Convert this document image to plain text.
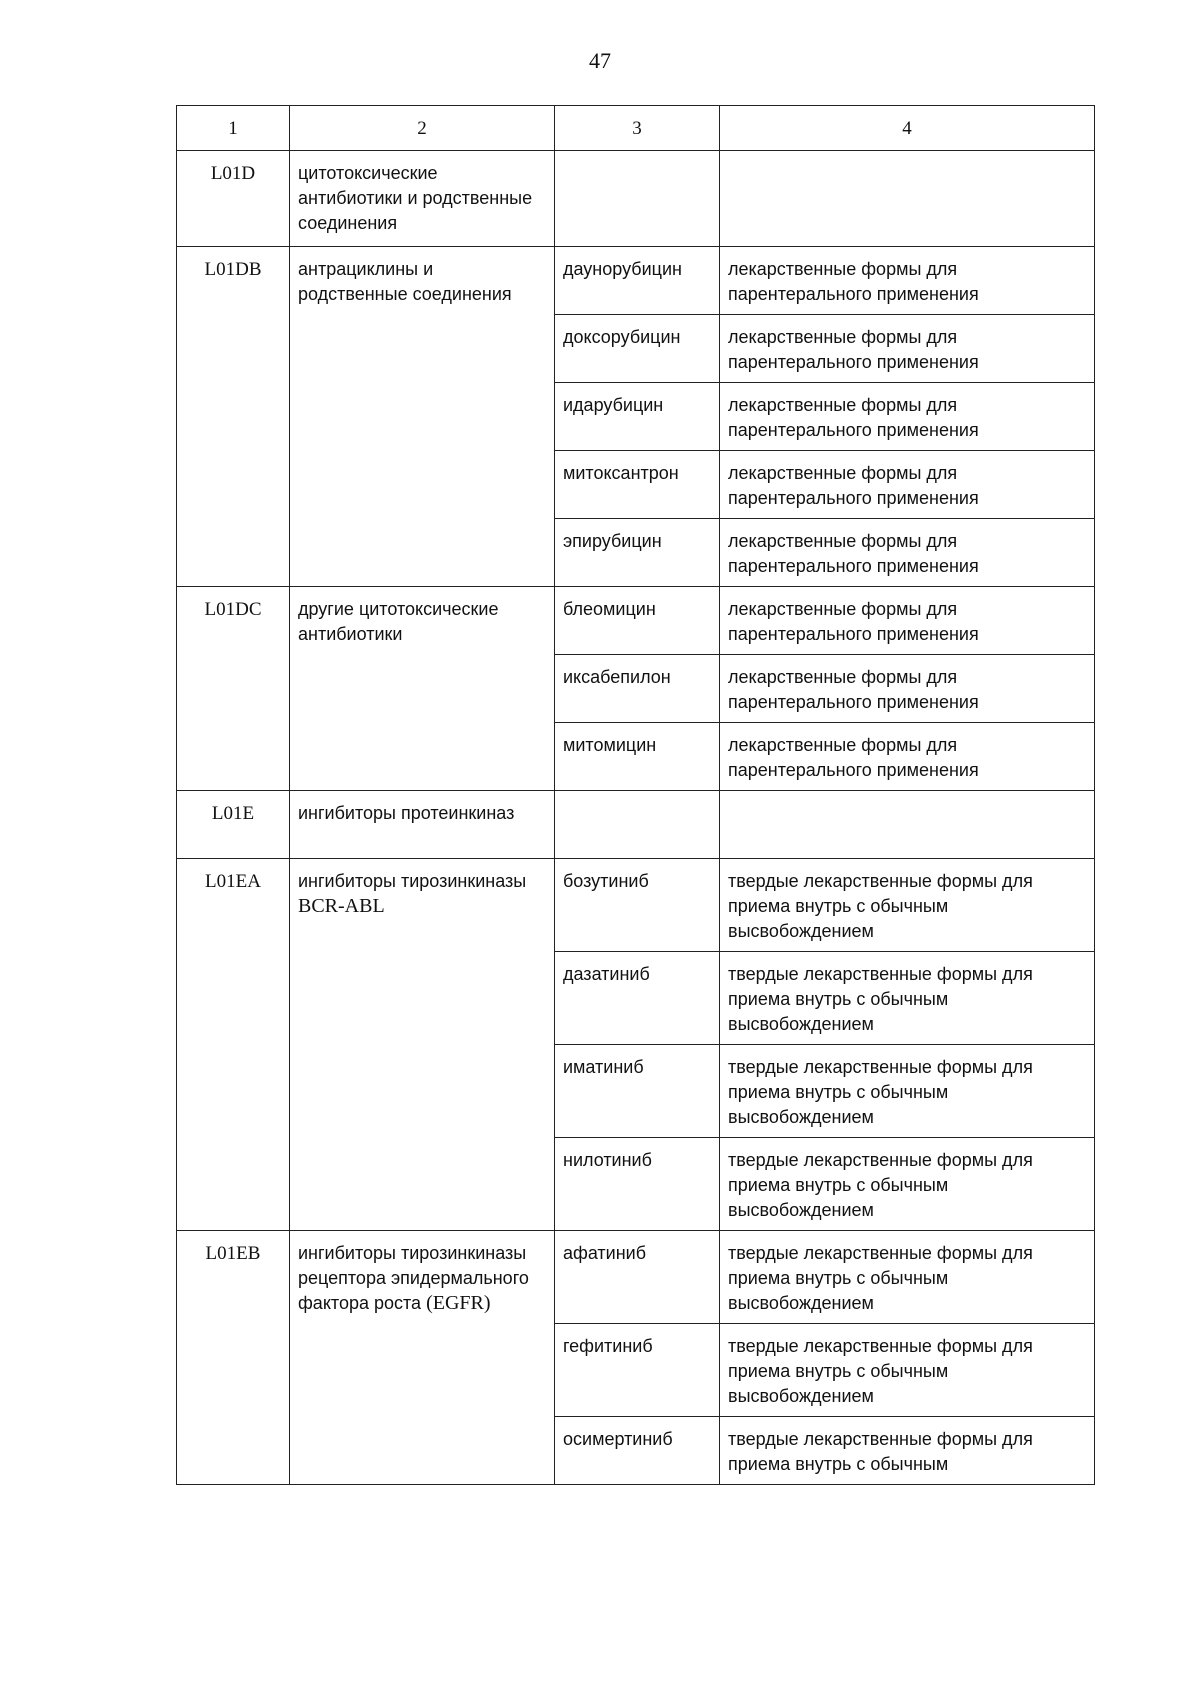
47
1	2	3	4
L01D	цитотоксические антибиотики и родственные соединения		
L01DB	антрациклины и родственные соединения	даунорубицин	лекарственные формы для парентерального применения
		доксорубицин	лекарственные формы для парентерального применения
		идарубицин	лекарственные формы для парентерального применения
		митоксантрон	лекарственные формы для парентерального применения
		эпирубицин	лекарственные формы для парентерального применения
L01DC	другие цитотоксические антибиотики	блеомицин	лекарственные формы для парентерального применения
		иксабепилон	лекарственные формы для парентерального применения
		митомицин	лекарственные формы для парентерального применения
L01E	ингибиторы протеинкиназ		
L01EA	ингибиторы тирозинкиназы BCR-ABL	бозутиниб	твердые лекарственные формы для приема внутрь с обычным высвобождением
		дазатиниб	твердые лекарственные формы для приема внутрь с обычным высвобождением
		иматиниб	твердые лекарственные формы для приема внутрь с обычным высвобождением
		нилотиниб	твердые лекарственные формы для приема внутрь с обычным высвобождением
L01EB	ингибиторы тирозинкиназы рецептора эпидермального фактора роста (EGFR)	афатиниб	твердые лекарственные формы для приема внутрь с обычным высвобождением
		гефитиниб	твердые лекарственные формы для приема внутрь с обычным высвобождением
		осимертиниб	твердые лекарственные формы для приема внутрь с обычным
